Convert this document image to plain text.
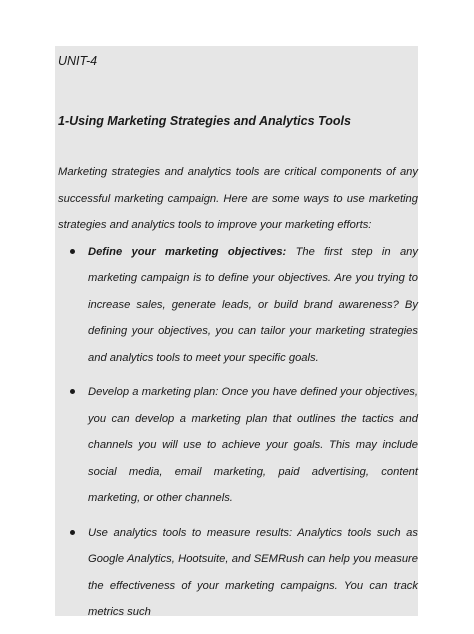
UNIT-4

1-Using Marketing Strategies and Analytics Tools

Marketing strategies and analytics tools are critical components of any successful marketing campaign. Here are some ways to use marketing strategies and analytics tools to improve your marketing efforts:

Define your marketing objectives: The first step in any marketing campaign is to define your objectives. Are you trying to increase sales, generate leads, or build brand awareness? By defining your objectives, you can tailor your marketing strategies and analytics tools to meet your specific goals.
Develop a marketing plan: Once you have defined your objectives, you can develop a marketing plan that outlines the tactics and channels you will use to achieve your goals. This may include social media, email marketing, paid advertising, content marketing, or other channels.
Use analytics tools to measure results: Analytics tools such as Google Analytics, Hootsuite, and SEMRush can help you measure the effectiveness of your marketing campaigns. You can track metrics such
